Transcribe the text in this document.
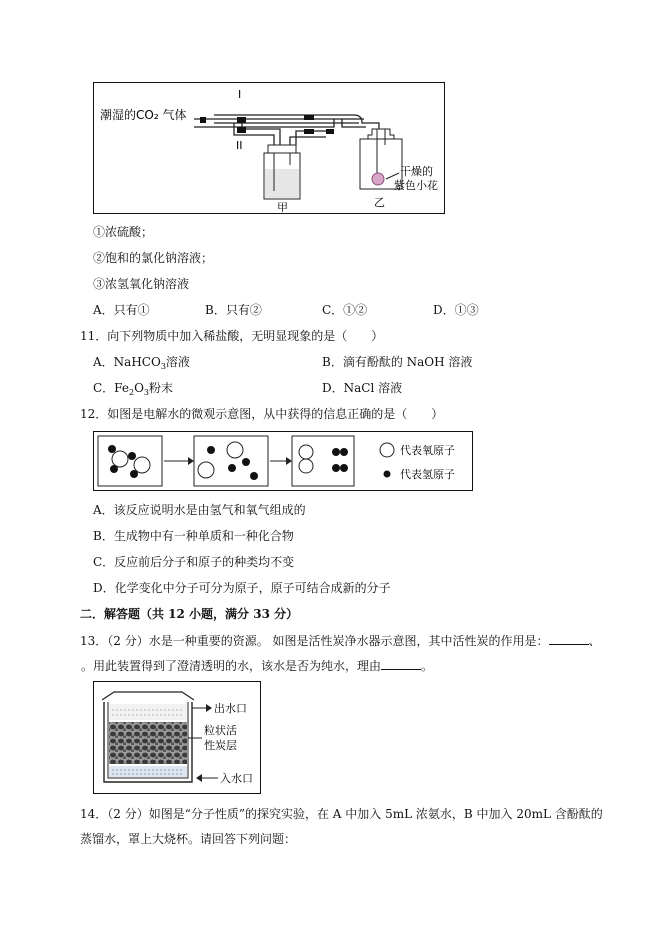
潮湿的CO₂ 气体
I
II
甲	乙
干燥的
紫色小花
①浓硫酸；
②饱和的氯化钠溶液；
③浓氢氧化钠溶液
A．只有①	B．只有②	C．①②	D．①③
11．向下列物质中加入稀盐酸，无明显现象的是（　　）
A．NaHCO$_3$溶液	B．滴有酚酞的 NaOH 溶液
C．$Fe_2O_3$粉末	D．NaCl 溶液
12．如图是电解水的微观示意图，从中获得的信息正确的是（　　）
代表氧原子
代表氢原子
A．该反应说明水是由氢气和氧气组成的
B．生成物中有一种单质和一种化合物
C．反应前后分子和原子的种类均不变
D．化学变化中分子可分为原子，原子可结合成新的分子
二．解答题（共 12 小题，满分 33 分）
13．（2 分）水是一种重要的资源。 如图是活性炭净水器示意图，其中活性炭的作用是：	、
。用此装置得到了澄清透明的水，该水是否为纯水，理由	。
出水口
粒状活
性炭层
入水口
14．（2 分）如图是“分子性质”的探究实验，在 A 中加入 5mL 浓氨水，B 中加入 20mL 含酚酞的
蒸馏水，罩上大烧杯。请回答下列问题：
